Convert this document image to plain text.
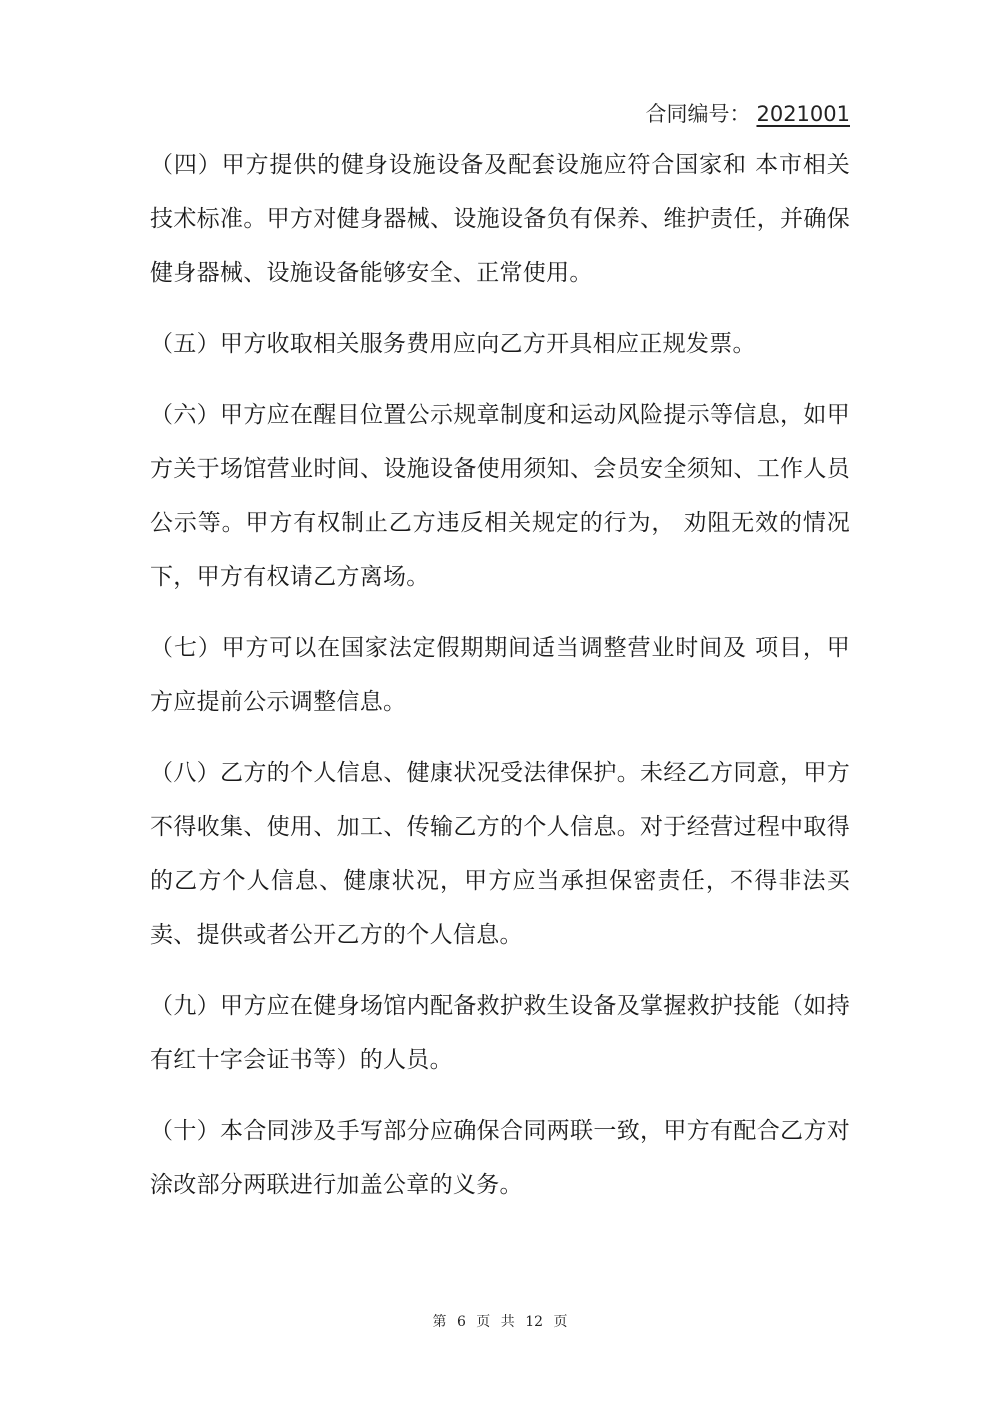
合同编号： 2021001

（四）甲方提供的健身设施设备及配套设施应符合国家和 本市相关技术标准。甲方对健身器械、设施设备负有保养、维护责任，并确保健身器械、设施设备能够安全、正常使用。

（五）甲方收取相关服务费用应向乙方开具相应正规发票。

（六）甲方应在醒目位置公示规章制度和运动风险提示等信息，如甲方关于场馆营业时间、设施设备使用须知、会员安全须知、工作人员公示等。甲方有权制止乙方违反相关规定的行为， 劝阻无效的情况下，甲方有权请乙方离场。

（七）甲方可以在国家法定假期期间适当调整营业时间及 项目，甲方应提前公示调整信息。

（八）乙方的个人信息、健康状况受法律保护。未经乙方同意，甲方不得收集、使用、加工、传输乙方的个人信息。对于经营过程中取得的乙方个人信息、健康状况，甲方应当承担保密责任，不得非法买卖、提供或者公开乙方的个人信息。

（九）甲方应在健身场馆内配备救护救生设备及掌握救护技能（如持有红十字会证书等）的人员。

（十）本合同涉及手写部分应确保合同两联一致，甲方有配合乙方对涂改部分两联进行加盖公章的义务。

第 6 页 共 12 页
